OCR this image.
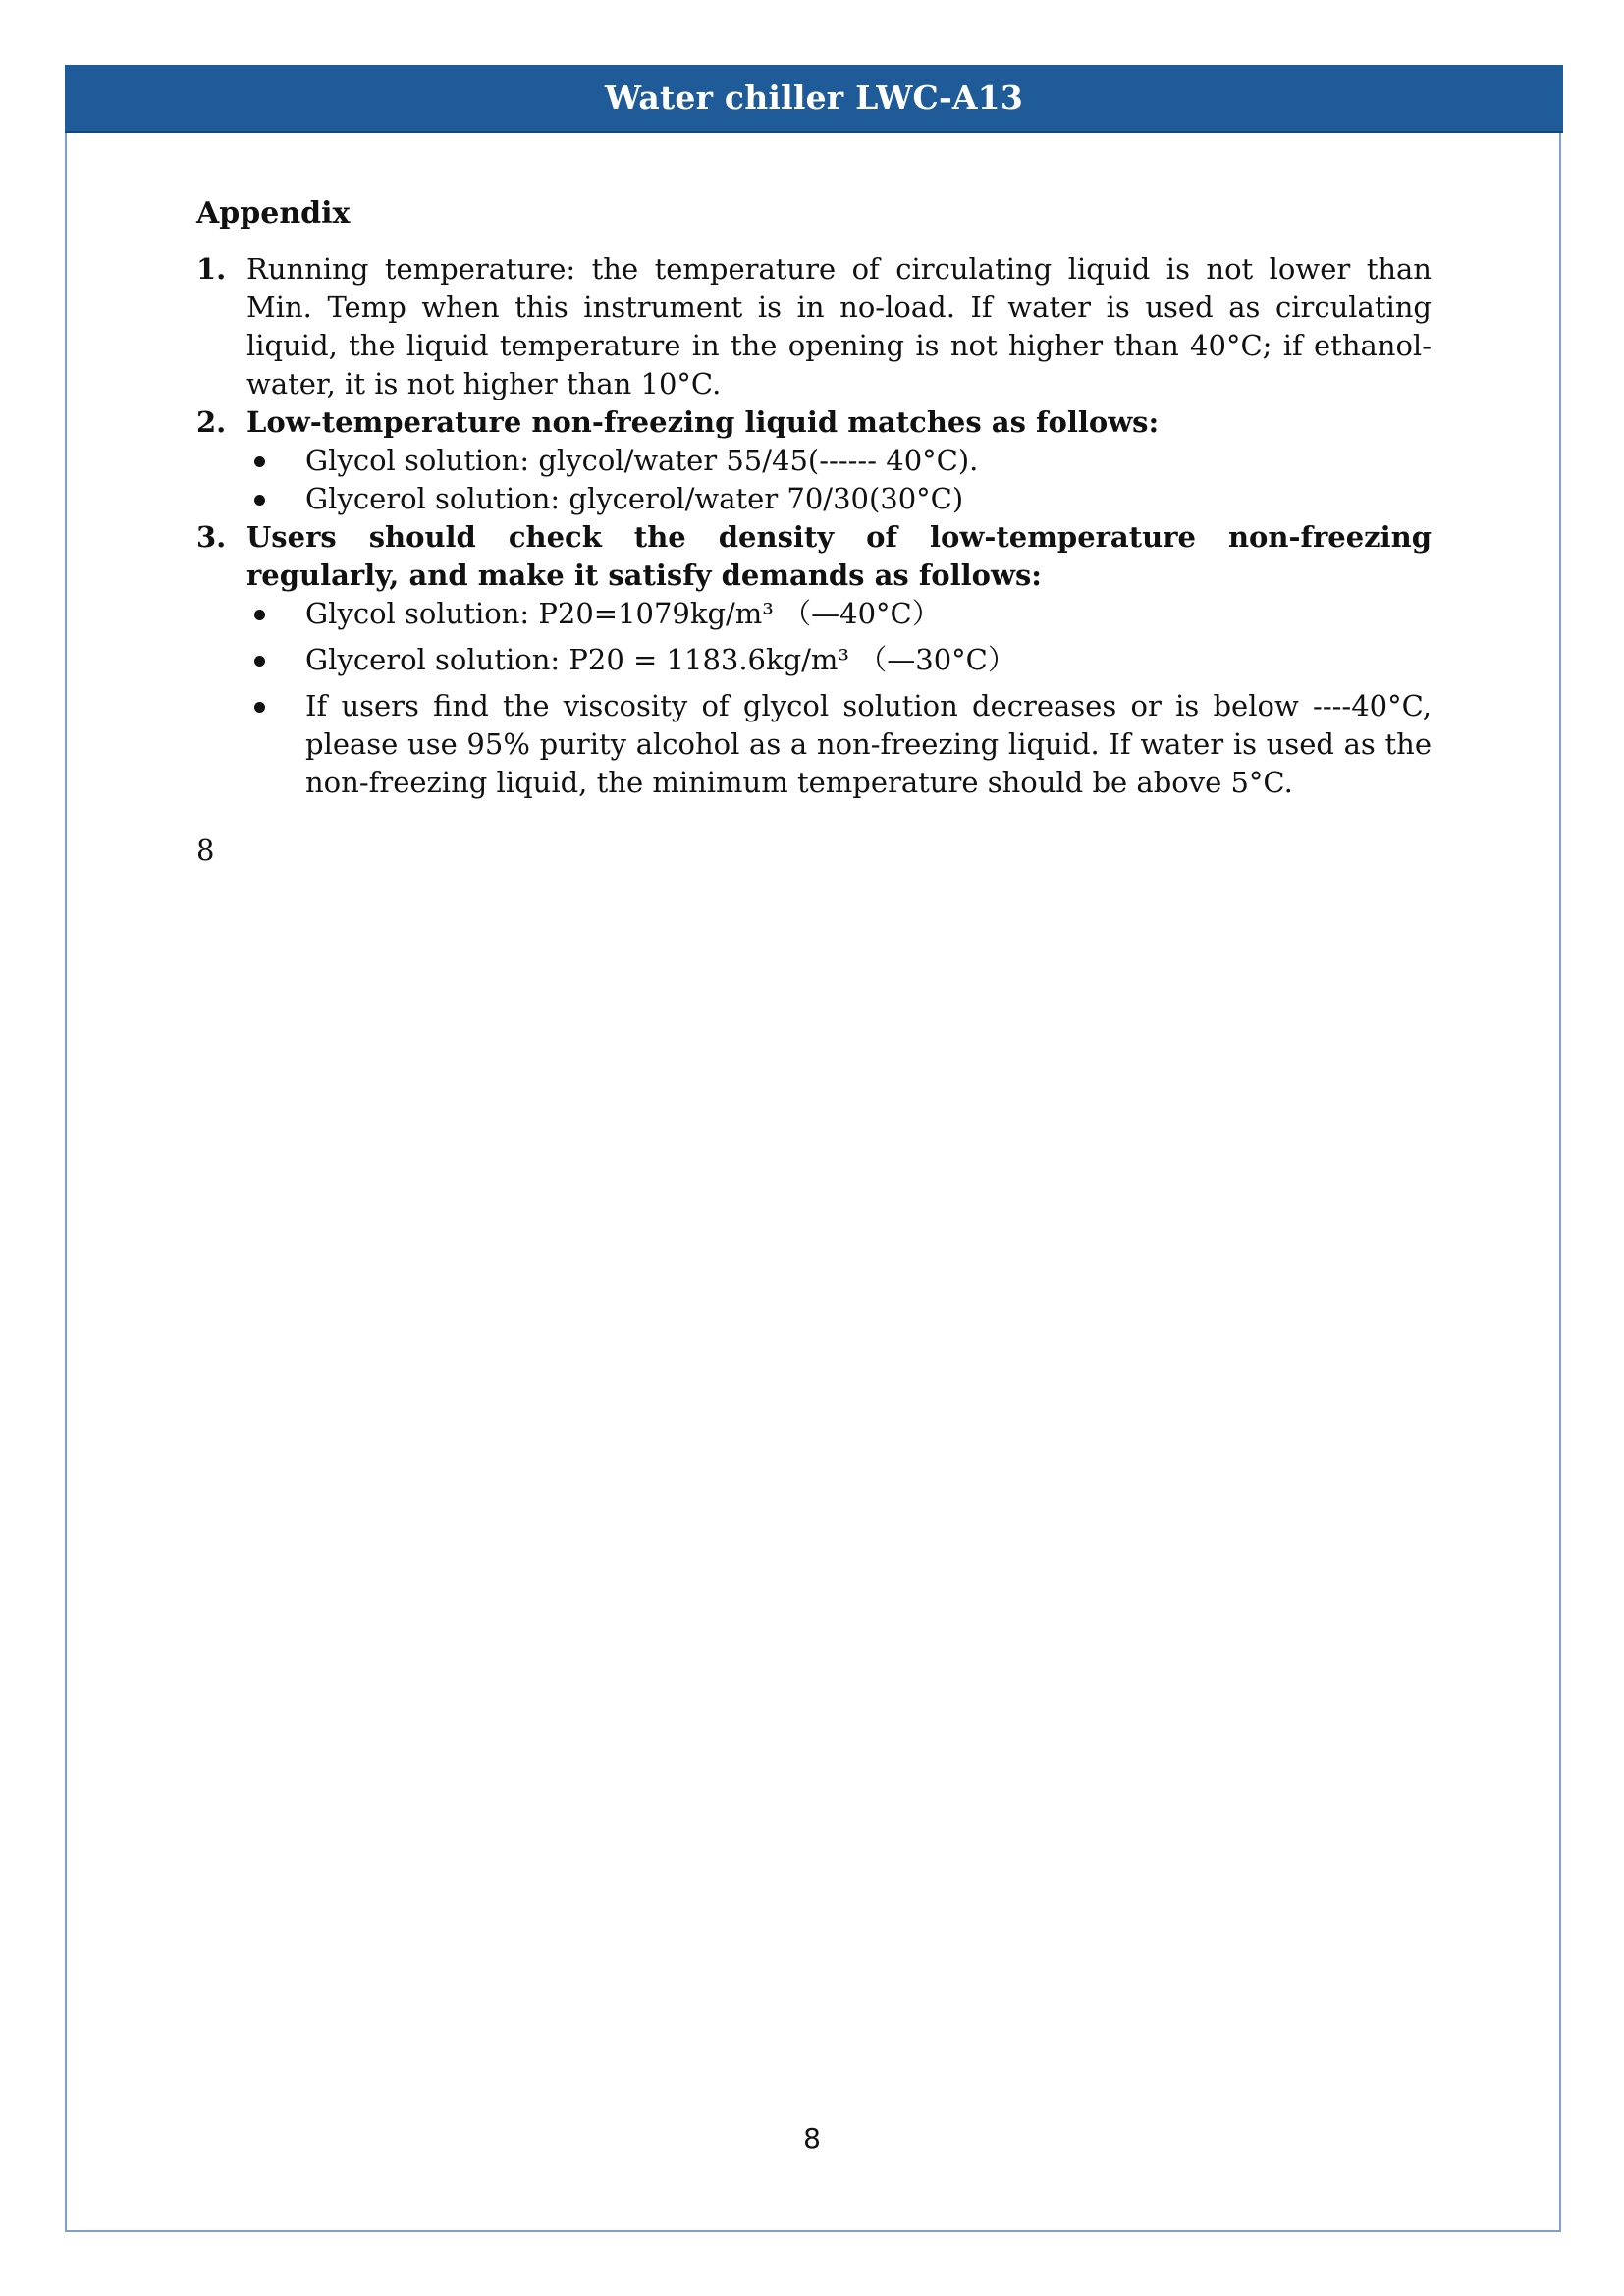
Water chiller LWC-A13
Appendix
1. Running temperature: the temperature of circulating liquid is not lower than Min. Temp when this instrument is in no-load. If water is used as circulating liquid, the liquid temperature in the opening is not higher than 40°C; if ethanol-water, it is not higher than 10°C.
2. Low-temperature non-freezing liquid matches as follows:
Glycol solution: glycol/water 55/45(------ 40°C).
Glycerol solution: glycerol/water 70/30(30°C)
3. Users should check the density of low-temperature non-freezing regularly, and make it satisfy demands as follows:
Glycol solution: P20=1079kg/m³ （—40°C）
Glycerol solution: P20 = 1183.6kg/m³ （—30°C）
If users find the viscosity of glycol solution decreases or is below ----40°C, please use 95% purity alcohol as a non-freezing liquid. If water is used as the non-freezing liquid, the minimum temperature should be above 5°C.
8
8
